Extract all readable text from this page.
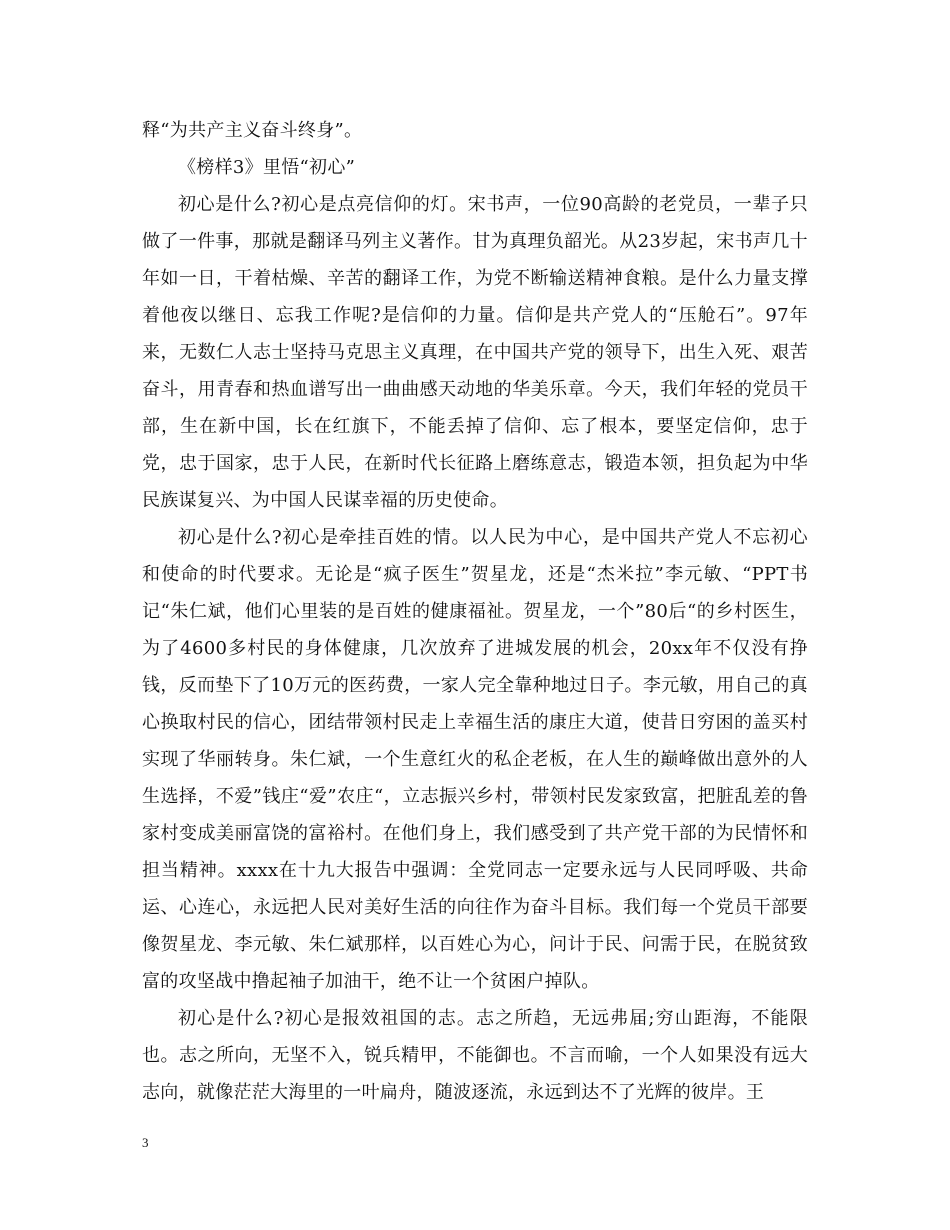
释“为共产主义奋斗终身”。

《榜样3》里悟“初心”

初心是什么?初心是点亮信仰的灯。宋书声，一位90高龄的老党员，一辈子只做了一件事，那就是翻译马列主义著作。甘为真理负韶光。从23岁起，宋书声几十年如一日，干着枯燥、辛苦的翻译工作，为党不断输送精神食粮。是什么力量支撑着他夜以继日、忘我工作呢?是信仰的力量。信仰是共产党人的“压舱石”。97年来，无数仁人志士坚持马克思主义真理，在中国共产党的领导下，出生入死、艰苦奋斗，用青春和热血谱写出一曲曲感天动地的华美乐章。今天，我们年轻的党员干部，生在新中国，长在红旗下，不能丢掉了信仰、忘了根本，要坚定信仰，忠于党，忠于国家，忠于人民，在新时代长征路上磨练意志，锻造本领，担负起为中华民族谋复兴、为中国人民谋幸福的历史使命。

初心是什么?初心是牵挂百姓的情。以人民为中心，是中国共产党人不忘初心和使命的时代要求。无论是“疯子医生”贺星龙，还是“杰米拉”李元敏、“PPT书记“朱仁斌，他们心里装的是百姓的健康福祉。贺星龙，一个”80后“的乡村医生，为了4600多村民的身体健康，几次放弃了进城发展的机会，20xx年不仅没有挣钱，反而垫下了10万元的医药费，一家人完全靠种地过日子。李元敏，用自己的真心换取村民的信心，团结带领村民走上幸福生活的康庄大道，使昔日穷困的盖买村实现了华丽转身。朱仁斌，一个生意红火的私企老板，在人生的巅峰做出意外的人生选择，不爱”钱庄“爱”农庄“，立志振兴乡村，带领村民发家致富，把脏乱差的鲁家村变成美丽富饶的富裕村。在他们身上，我们感受到了共产党干部的为民情怀和担当精神。xxxx在十九大报告中强调：全党同志一定要永远与人民同呼吸、共命运、心连心，永远把人民对美好生活的向往作为奋斗目标。我们每一个党员干部要像贺星龙、李元敏、朱仁斌那样，以百姓心为心，问计于民、问需于民，在脱贫致富的攻坚战中撸起袖子加油干，绝不让一个贫困户掉队。

初心是什么?初心是报效祖国的志。志之所趋，无远弗届;穷山距海，不能限也。志之所向，无坚不入，锐兵精甲，不能御也。不言而喻，一个人如果没有远大志向，就像茫茫大海里的一叶扁舟，随波逐流，永远到达不了光辉的彼岸。王

3
